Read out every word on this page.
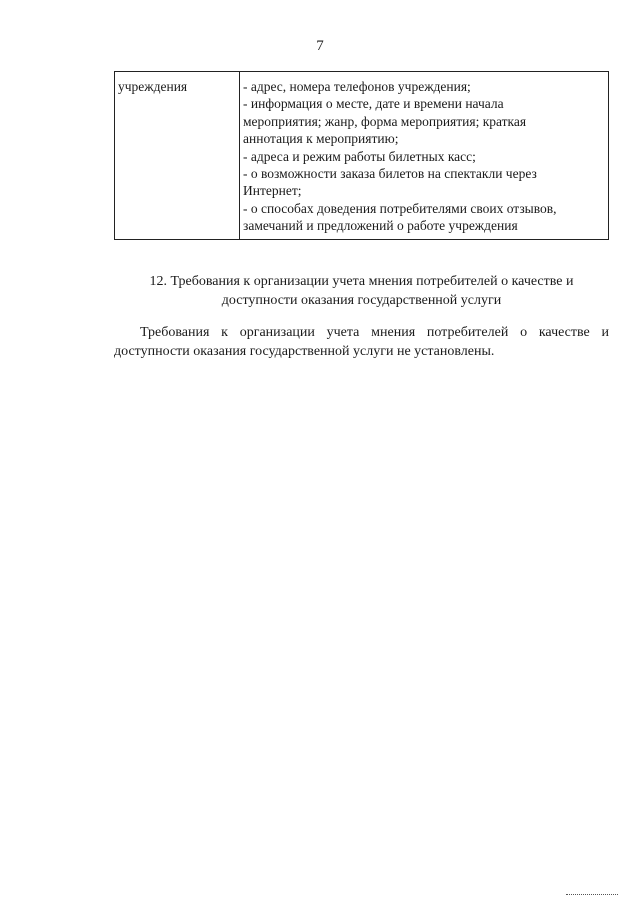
7
учреждения	- адрес, номера телефонов учреждения;
- информация о месте, дате и времени начала
мероприятия; жанр, форма мероприятия; краткая
аннотация к мероприятию;
- адреса и режим работы билетных касс;
- о возможности заказа билетов на спектакли через
Интернет;
- о способах доведения потребителями своих отзывов,
замечаний и предложений о работе учреждения
12. Требования к организации учета мнения потребителей о качестве и
доступности оказания государственной услуги
Требования к организации учета мнения потребителей о качестве и
доступности оказания государственной услуги не установлены.
